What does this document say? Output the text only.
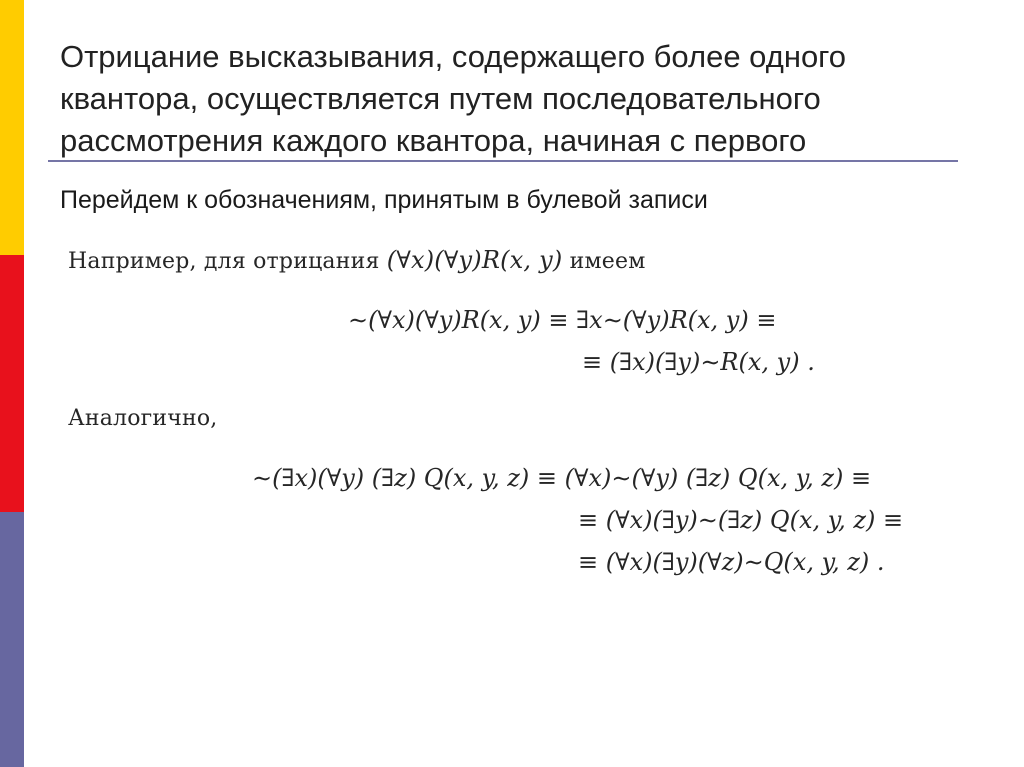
Отрицание высказывания, содержащего более одного
квантора, осуществляется путем последовательного
рассмотрения каждого квантора, начиная с первого
Перейдем к обозначениям, принятым в булевой записи
Например, для отрицания (∀x)(∀y)R(x, y) имеем
∼(∀x)(∀y)R(x, y) ≡ ∃x∼(∀y)R(x, y) ≡
≡ (∃x)(∃y)∼R(x, y) .
Аналогично,
∼(∃x)(∀y) (∃z) Q(x, y, z) ≡ (∀x)∼(∀y) (∃z) Q(x, y, z) ≡
≡ (∀x)(∃y)∼(∃z) Q(x, y, z) ≡
≡ (∀x)(∃y)(∀z)∼Q(x, y, z) .
